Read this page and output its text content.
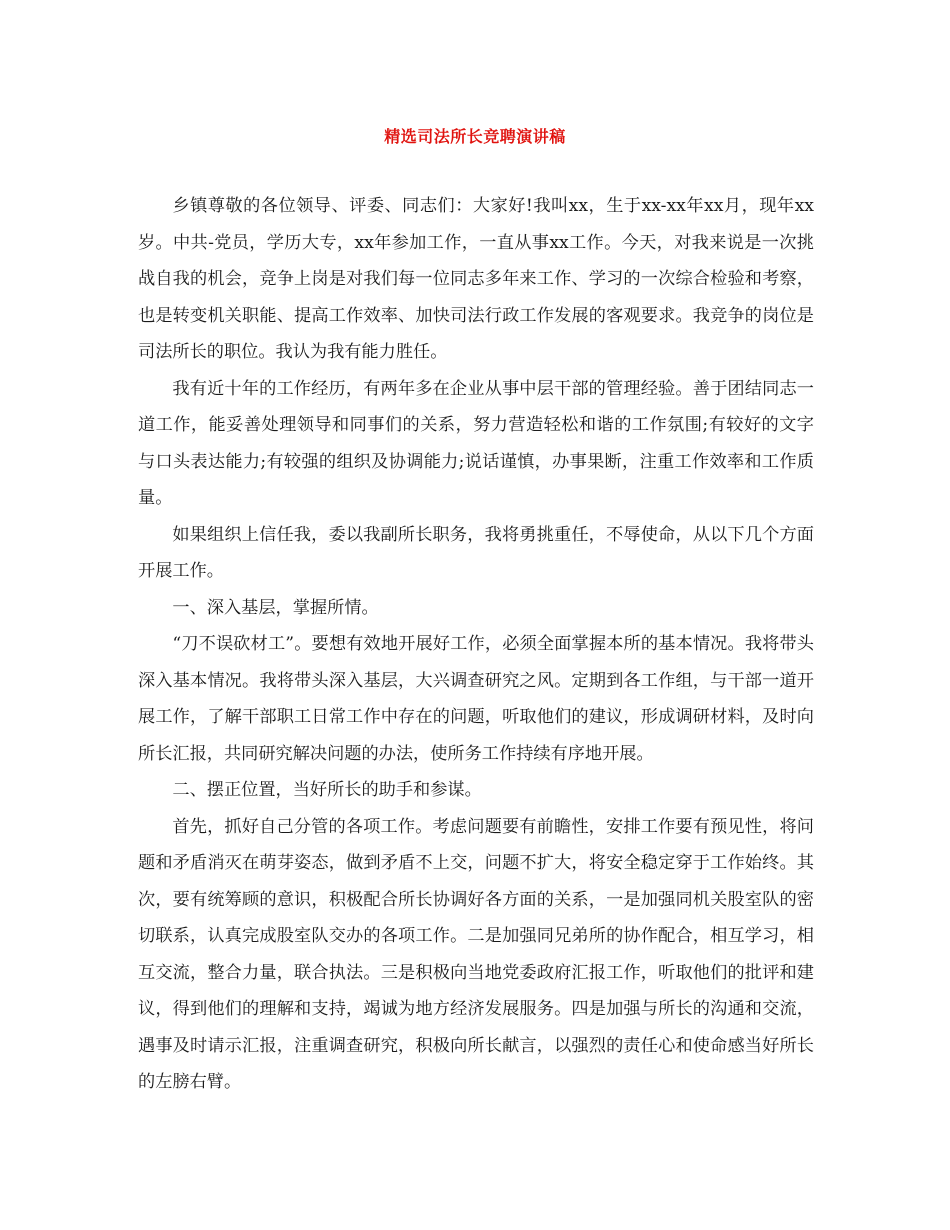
精选司法所长竞聘演讲稿

乡镇尊敬的各位领导、评委、同志们：大家好!我叫xx，生于xx-xx年xx月，现年xx岁。中共-党员，学历大专，xx年参加工作，一直从事xx工作。今天，对我来说是一次挑战自我的机会，竞争上岗是对我们每一位同志多年来工作、学习的一次综合检验和考察，也是转变机关职能、提高工作效率、加快司法行政工作发展的客观要求。我竞争的岗位是司法所长的职位。我认为我有能力胜任。

我有近十年的工作经历，有两年多在企业从事中层干部的管理经验。善于团结同志一道工作，能妥善处理领导和同事们的关系，努力营造轻松和谐的工作氛围;有较好的文字与口头表达能力;有较强的组织及协调能力;说话谨慎，办事果断，注重工作效率和工作质量。

如果组织上信任我，委以我副所长职务，我将勇挑重任，不辱使命，从以下几个方面开展工作。

一、深入基层，掌握所情。

“刀不误砍材工”。要想有效地开展好工作，必须全面掌握本所的基本情况。我将带头深入基本情况。我将带头深入基层，大兴调查研究之风。定期到各工作组，与干部一道开展工作，了解干部职工日常工作中存在的问题，听取他们的建议，形成调研材料，及时向所长汇报，共同研究解决问题的办法，使所务工作持续有序地开展。

二、摆正位置，当好所长的助手和参谋。

首先，抓好自己分管的各项工作。考虑问题要有前瞻性，安排工作要有预见性，将问题和矛盾消灭在萌芽姿态，做到矛盾不上交，问题不扩大，将安全稳定穿于工作始终。其次，要有统筹顾的意识，积极配合所长协调好各方面的关系，一是加强同机关股室队的密切联系，认真完成股室队交办的各项工作。二是加强同兄弟所的协作配合，相互学习，相互交流，整合力量，联合执法。三是积极向当地党委政府汇报工作，听取他们的批评和建议，得到他们的理解和支持，竭诚为地方经济发展服务。四是加强与所长的沟通和交流，遇事及时请示汇报，注重调查研究，积极向所长献言，以强烈的责任心和使命感当好所长的左膀右臂。
